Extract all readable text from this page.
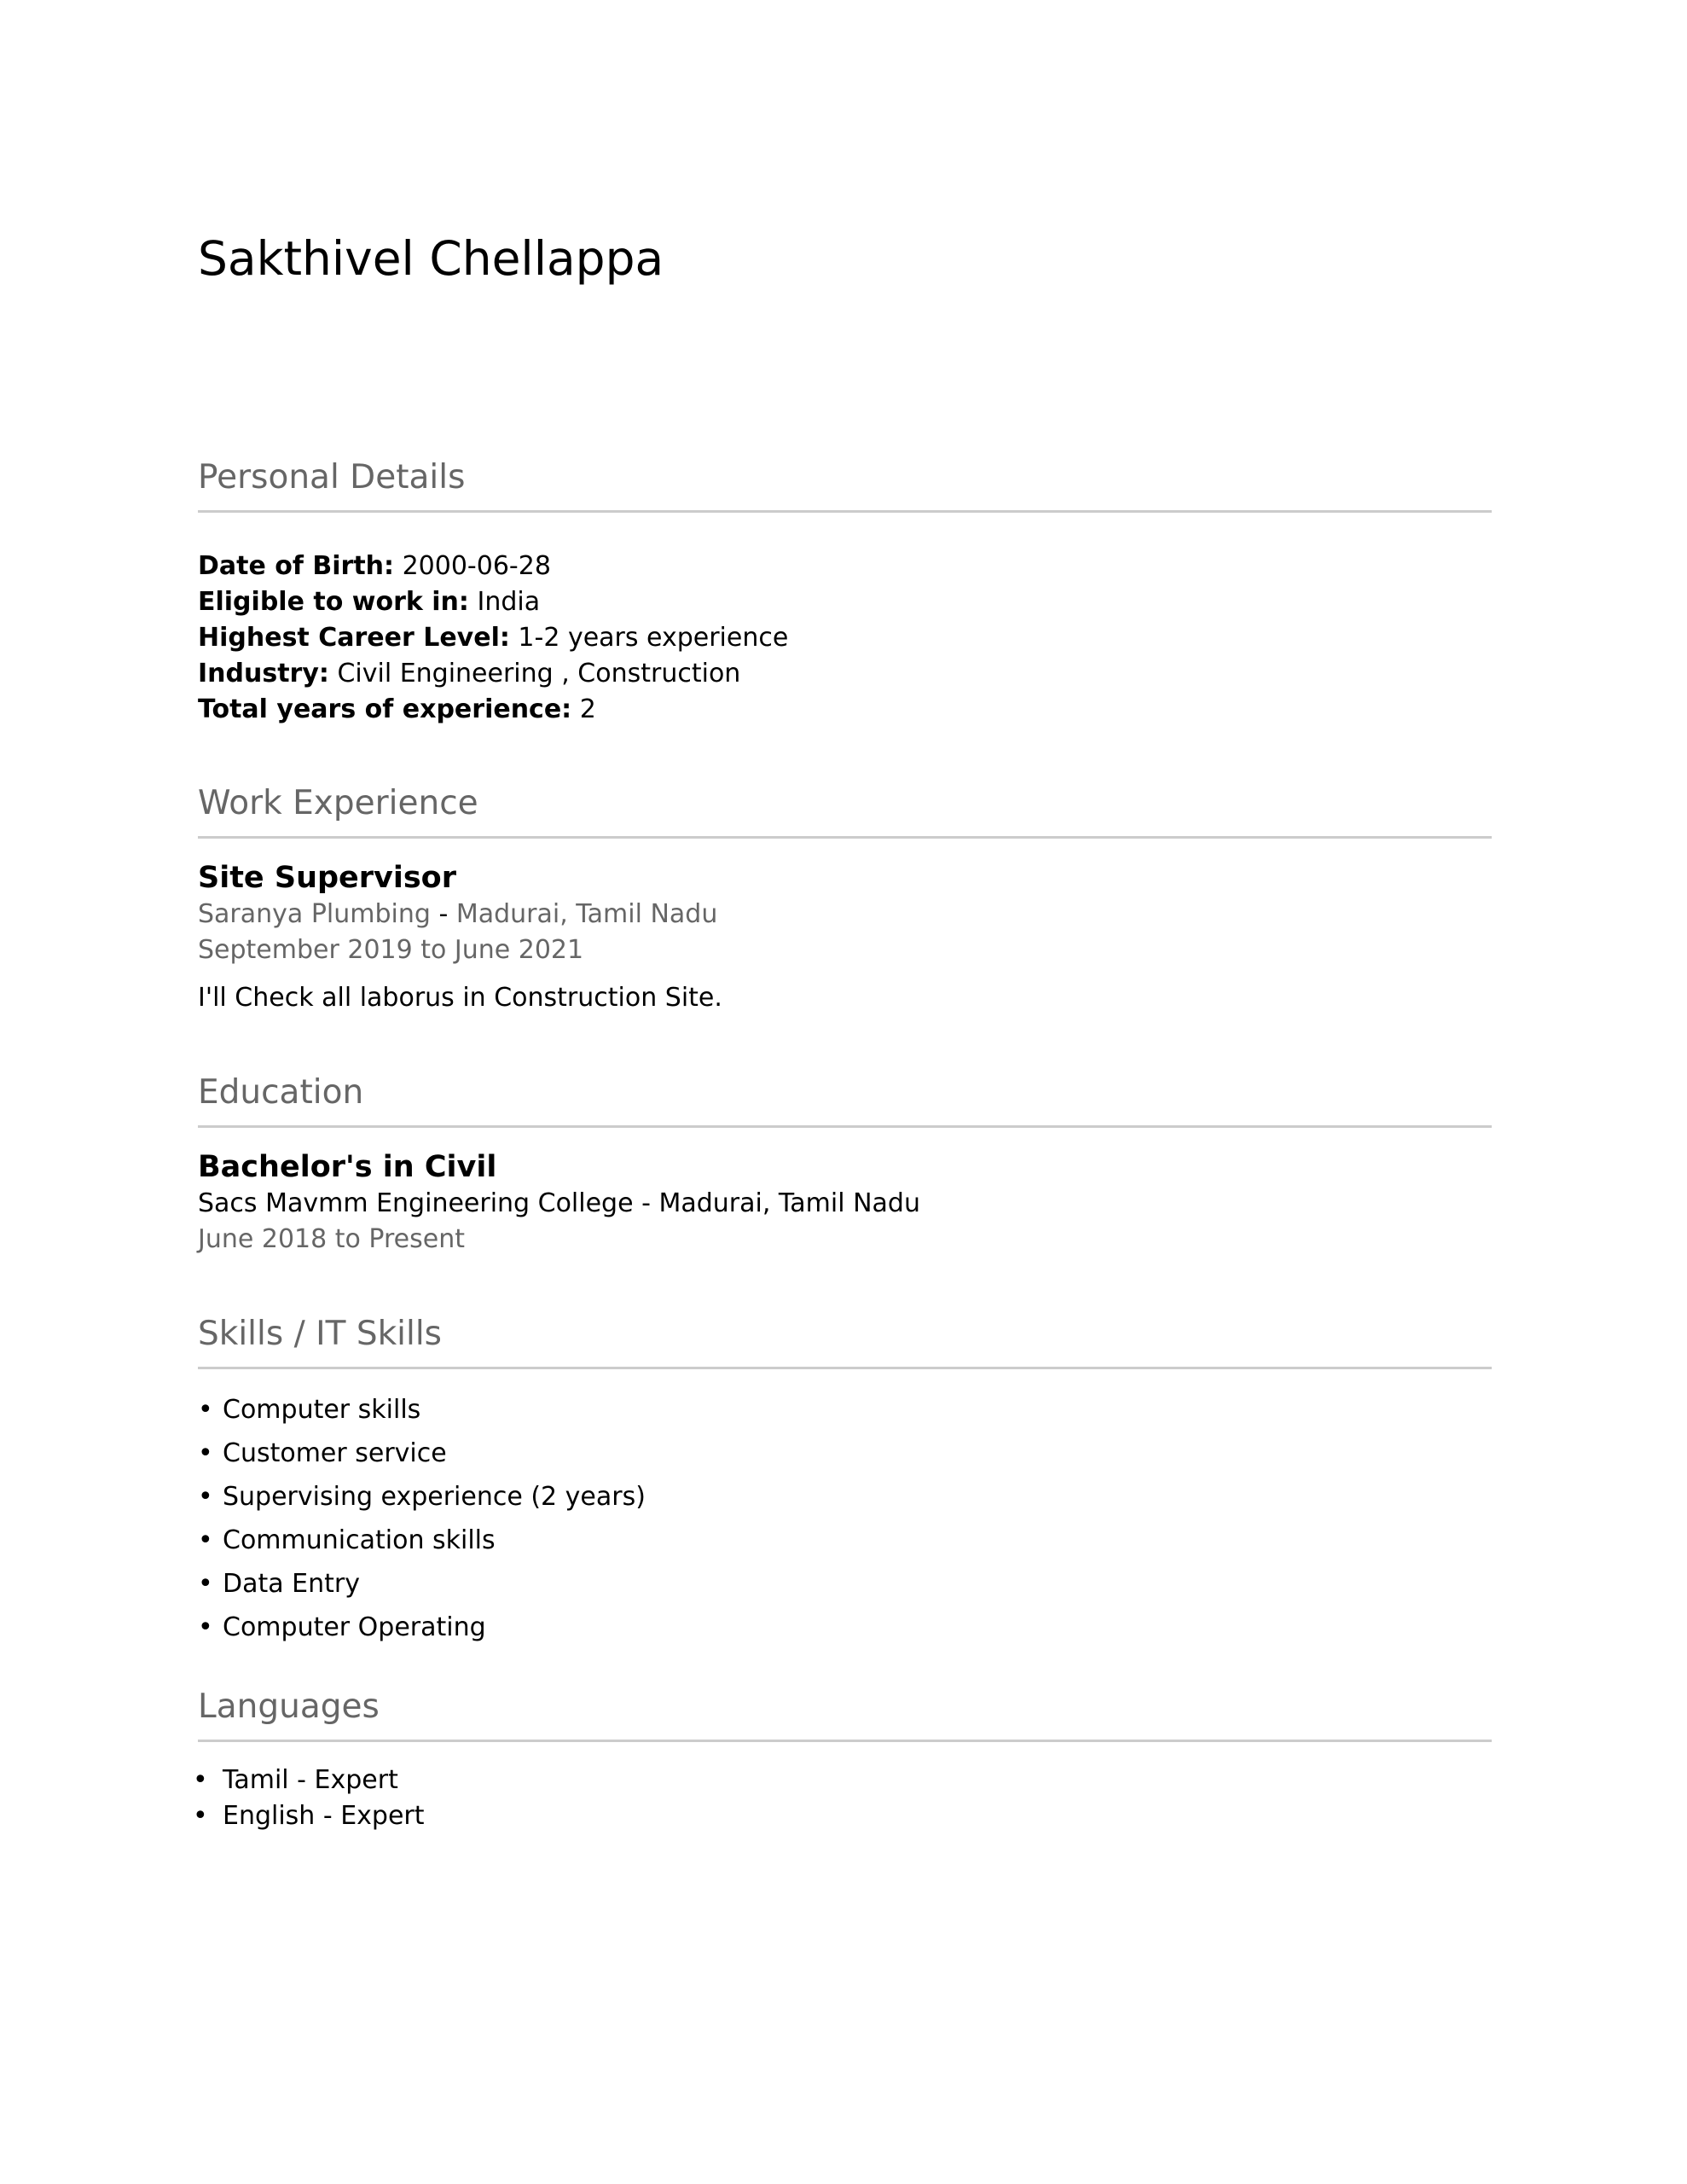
Sakthivel Chellappa
Personal Details
Date of Birth: 2000-06-28
Eligible to work in: India
Highest Career Level: 1-2 years experience
Industry: Civil Engineering , Construction
Total years of experience: 2
Work Experience
Site Supervisor
Saranya Plumbing - Madurai, Tamil Nadu
September 2019 to June 2021
I'll Check all laborus in Construction Site.
Education
Bachelor's in Civil
Sacs Mavmm Engineering College - Madurai, Tamil Nadu
June 2018 to Present
Skills / IT Skills
• Computer skills
• Customer service
• Supervising experience (2 years)
• Communication skills
• Data Entry
• Computer Operating
Languages
• Tamil - Expert
• English - Expert
